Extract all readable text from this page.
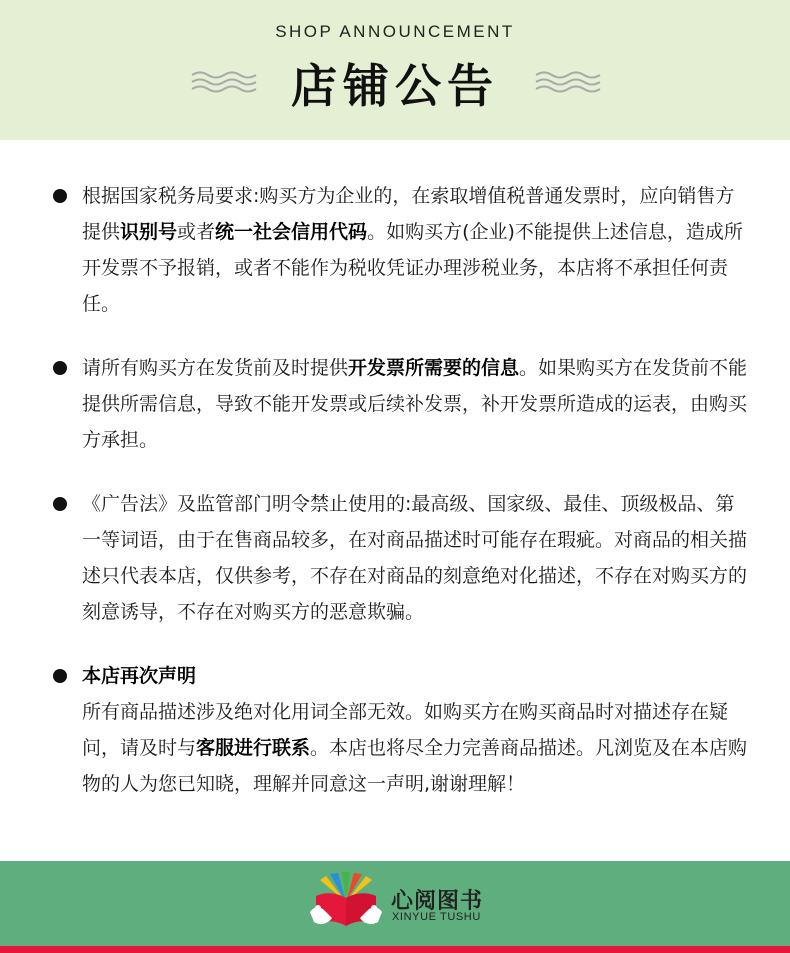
SHOP ANNOUNCEMENT
店铺公告
根据国家税务局要求:购买方为企业的，在索取增值税普通发票时，应向销售方提供识别号或者统一社会信用代码。如购买方(企业)不能提供上述信息，造成所开发票不予报销，或者不能作为税收凭证办理涉税业务，本店将不承担任何责任。
请所有购买方在发货前及时提供开发票所需要的信息。如果购买方在发货前不能提供所需信息，导致不能开发票或后续补发票，补开发票所造成的运表，由购买方承担。
《广告法》及监管部门明令禁止使用的:最高级、国家级、最佳、顶级极品、第一等词语，由于在售商品较多，在对商品描述时可能存在瑕疵。对商品的相关描述只代表本店，仅供参考，不存在对商品的刻意绝对化描述，不存在对购买方的刻意诱导，不存在对购买方的恶意欺骗。
本店再次声明
所有商品描述涉及绝对化用词全部无效。如购买方在购买商品时对描述存在疑问，请及时与客服进行联系。本店也将尽全力完善商品描述。凡浏览及在本店购物的人为您已知晓，理解并同意这一声明,谢谢理解！
心阅图书
XINYUE TUSHU
